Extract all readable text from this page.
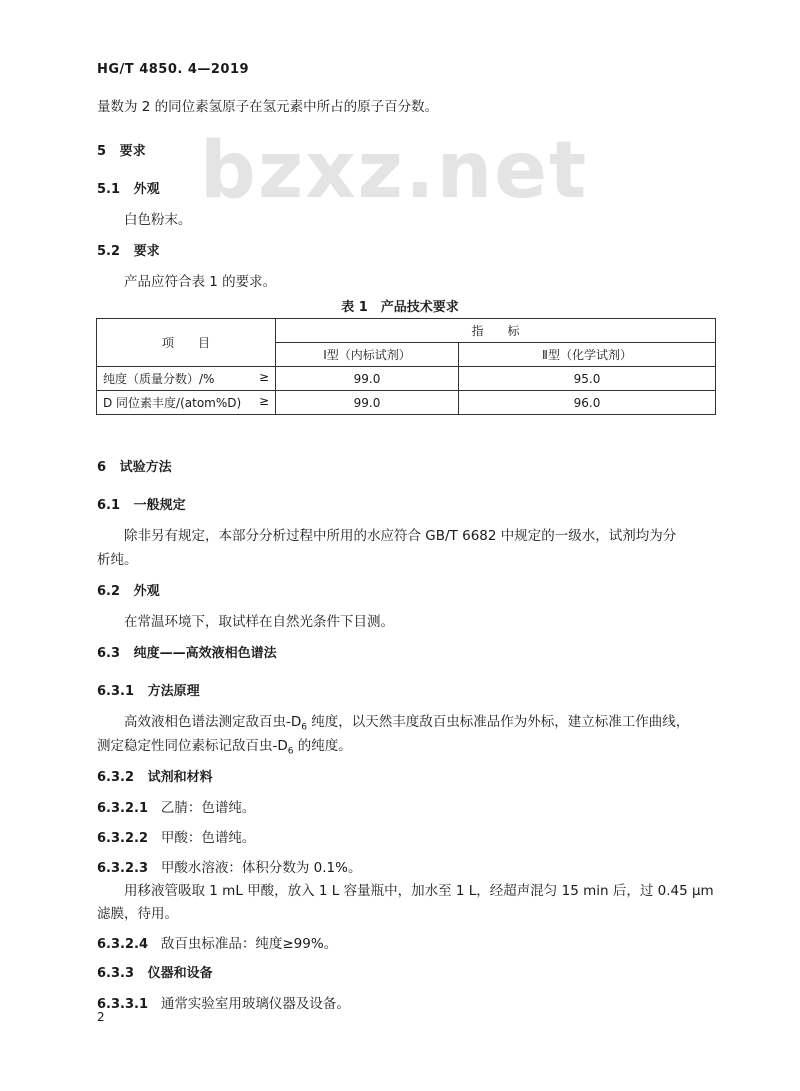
bzxz.net
HG/T 4850. 4—2019
量数为 2 的同位素氢原子在氢元素中所占的原子百分数。
5 要求
5.1 外观
白色粉末。
5.2 要求
产品应符合表 1 的要求。
表 1　产品技术要求
项　　目	指　　标	
	Ⅰ型（内标试剂）	Ⅱ型（化学试剂）
纯度（质量分数）/% ≥	99.0	95.0
D 同位素丰度/(atom%D) ≥	99.0	96.0
6 试验方法
6.1 一般规定
除非另有规定，本部分分析过程中所用的水应符合 GB/T 6682 中规定的一级水，试剂均为分
析纯。
6.2 外观
在常温环境下，取试样在自然光条件下目测。
6.3 纯度——高效液相色谱法
6.3.1 方法原理
高效液相色谱法测定敌百虫$-D_6$ 纯度，以天然丰度敌百虫标准品作为外标，建立标准工作曲线，
测定稳定性同位素标记敌百虫$-D_6$ 的纯度。
6.3.2 试剂和材料
6.3.2.1 乙腈：色谱纯。
6.3.2.2 甲酸：色谱纯。
6.3.2.3 甲酸水溶液：体积分数为 0.1%。
用移液管吸取 1 mL 甲酸，放入 1 L 容量瓶中，加水至 1 L，经超声混匀 15 min 后，过 0.45 μm
滤膜，待用。
6.3.2.4 敌百虫标准品：纯度≥99%。
6.3.3 仪器和设备
6.3.3.1 通常实验室用玻璃仪器及设备。
2
